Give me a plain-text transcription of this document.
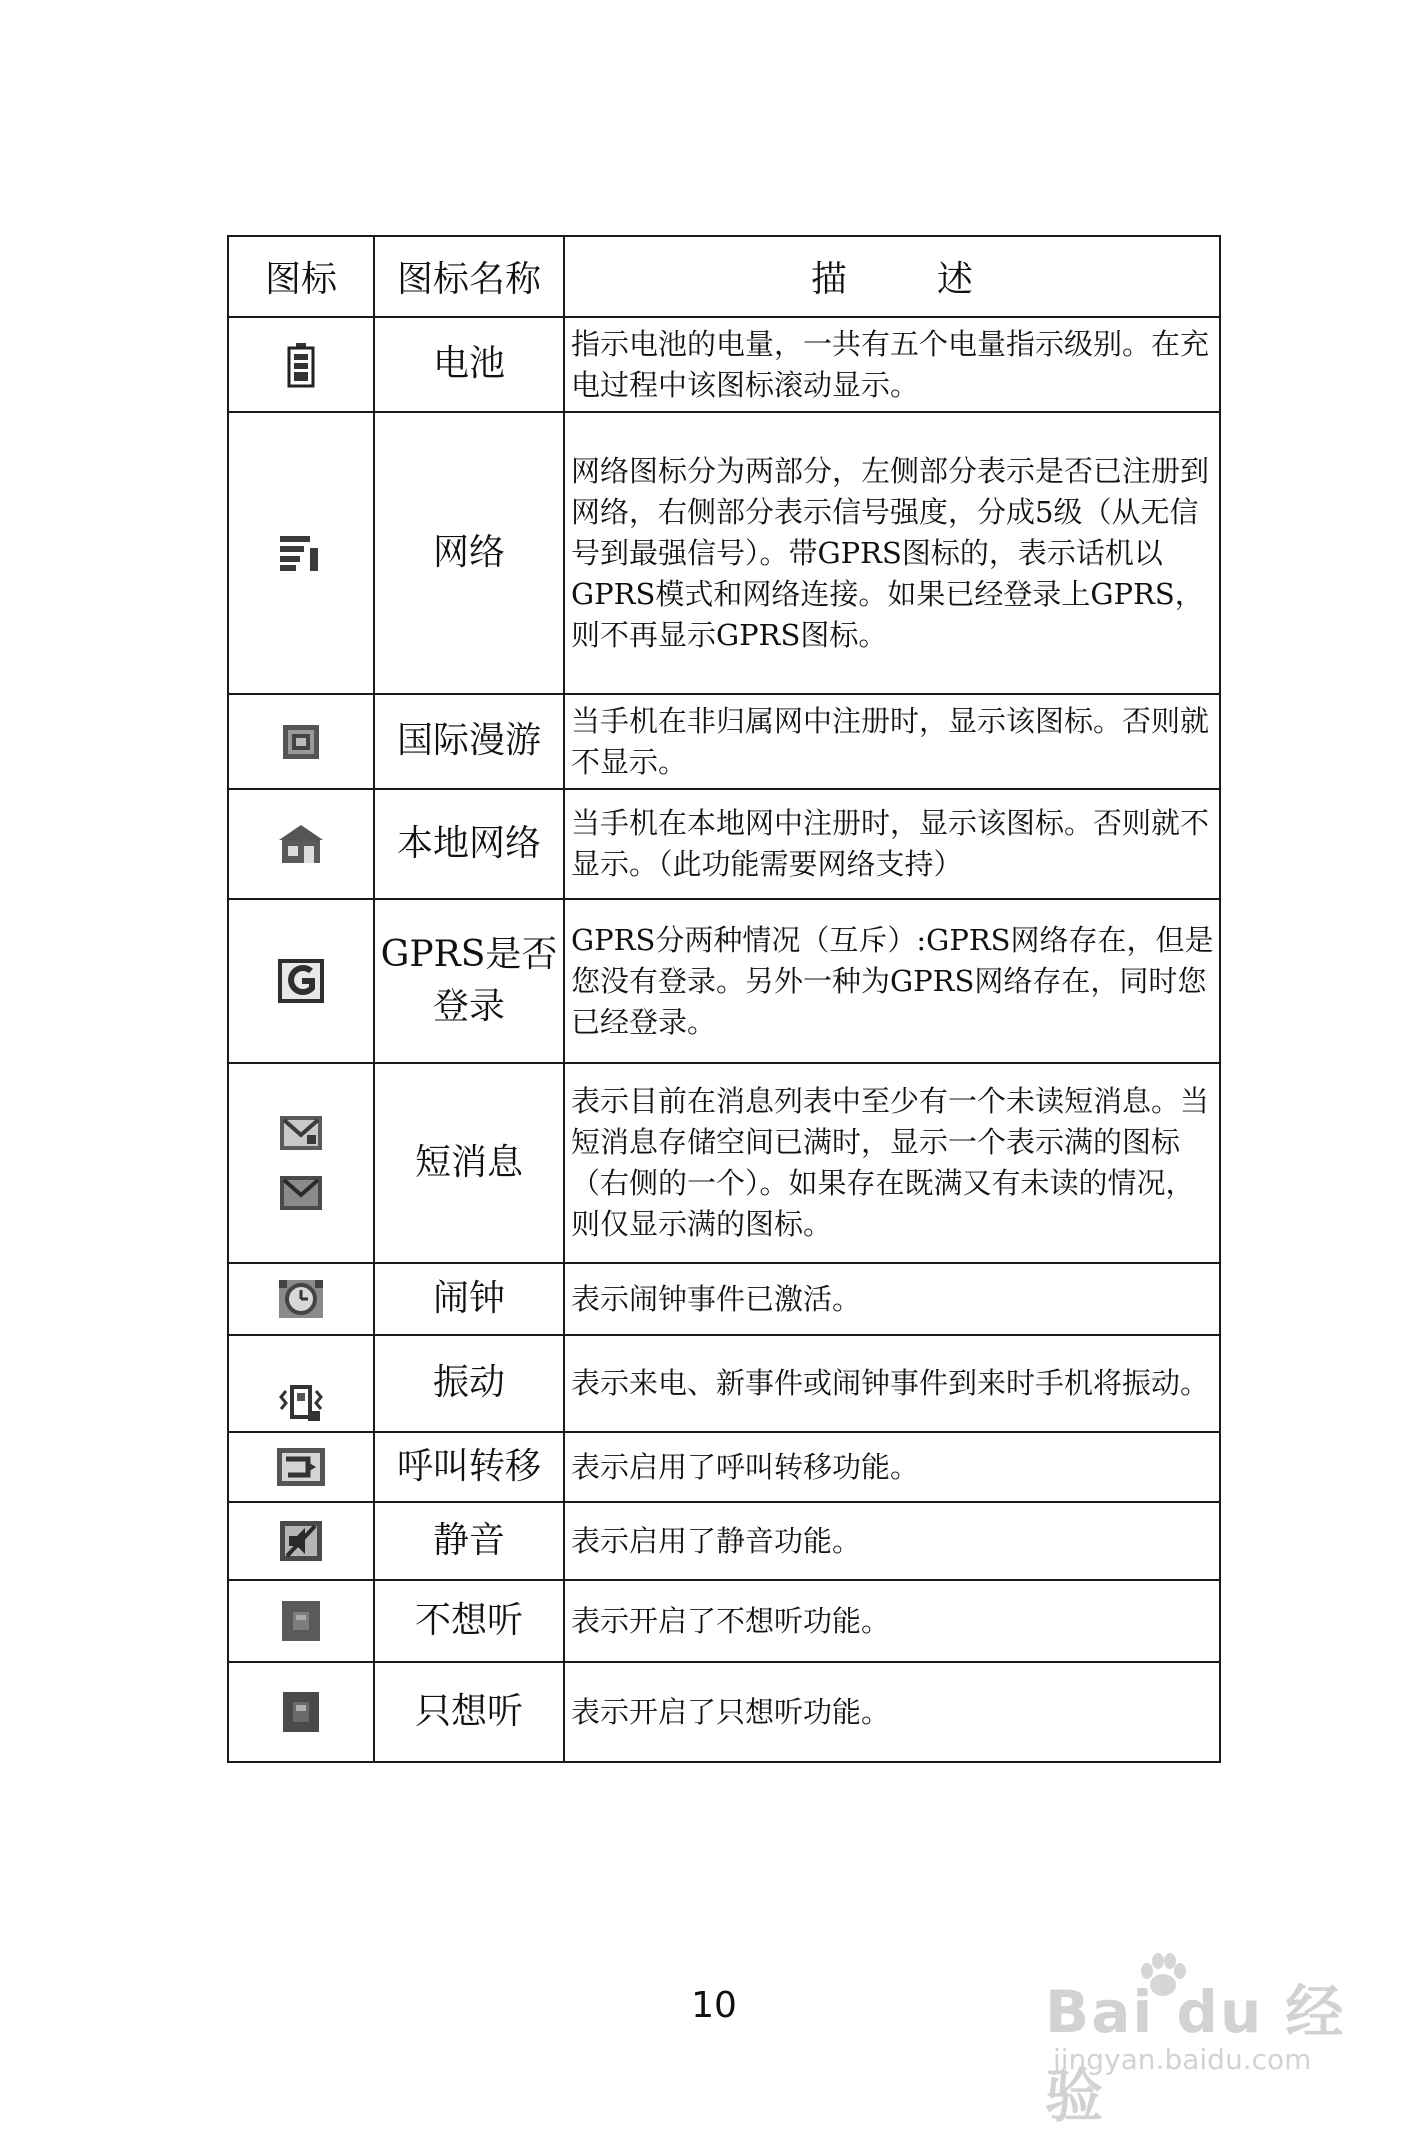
图标	图标名称	描 述

	电池	指示电池的电量，一共有五个电量指示级别。在充电过程中该图标滚动显示。

	网络	网络图标分为两部分，左侧部分表示是否已注册到网络，右侧部分表示信号强度，分成5级（从无信号到最强信号）。带GPRS图标的，表示话机以GPRS模式和网络连接。如果已经登录上GPRS，则不再显示GPRS图标。

	国际漫游	当手机在非归属网中注册时，显示该图标。否则就不显示。

	本地网络	当手机在本地网中注册时，显示该图标。否则就不显示。（此功能需要网络支持）

	GPRS是否
登录	GPRS分两种情况（互斥）:GPRS网络存在，但是您没有登录。另外一种为GPRS网络存在，同时您已经登录。

	短消息	表示目前在消息列表中至少有一个未读短消息。当短消息存储空间已满时，显示一个表示满的图标（右侧的一个）。如果存在既满又有未读的情况，则仅显示满的图标。

	闹钟	表示闹钟事件已激活。

	振动	表示来电、新事件或闹钟事件到来时手机将振动。

	呼叫转移	表示启用了呼叫转移功能。

	静音	表示启用了静音功能。

	不想听	表示开启了不想听功能。

	只想听	表示开启了只想听功能。
10	Bai du 经验
jingyan.baidu.com
